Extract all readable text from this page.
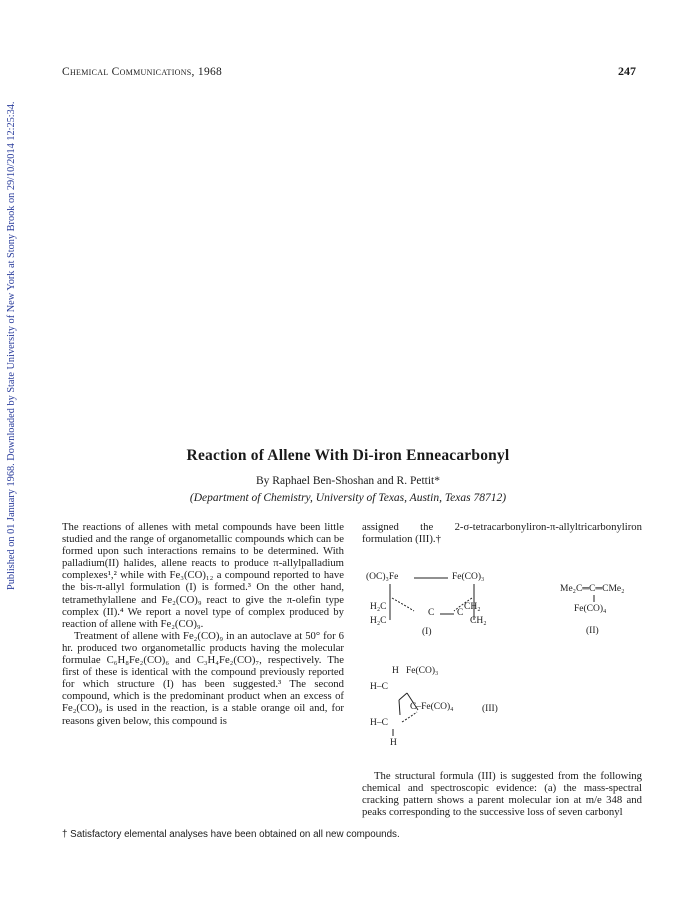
Published on 01 January 1968. Downloaded by State University of New York at Stony Brook on 29/10/2014 12:25:34.
Chemical Communications, 1968	247
Reaction of Allene With Di-iron Enneacarbonyl
By Raphael Ben-Shoshan and R. Pettit*
(Department of Chemistry, University of Texas, Austin, Texas 78712)

The reactions of allenes with metal compounds have been little studied and the range of organometallic compounds which can be formed upon such interactions remains to be determined. With palladium(II) halides, allene reacts to produce π-allylpalladium complexes¹,² while with Fe₃(CO)₁₂ a compound reported to have the bis-π-allyl formulation (I) is formed.³ On the other hand, tetramethylallene and Fe₂(CO)₉ react to give the π-olefin type complex (II).⁴ We report a novel type of complex produced by reaction of allene with Fe₂(CO)₉.

Treatment of allene with Fe₂(CO)₉ in an autoclave at 50° for 6 hr. produced two organometallic products having the molecular formulae C₆H₈Fe₂(CO)₆ and C₃H₄Fe₂(CO)₇, respectively. The first of these is identical with the compound previously reported for which structure (I) has been suggested.³ The second compound, which is the predominant product when an excess of Fe₂(CO)₉ is used in the reaction, is a stable orange oil and, for reasons given below, this compound is

assigned the 2-σ-tetracarbonyliron-π-allyltricarbonyliron formulation (III).†

(OC)₃Fe	Fe(CO)₃
H₂C	CH₂
C C
H₂C	CH₂
(I)
Me₂C═C═CMe₂
Fe(CO)₄
(II)
H Fe(CO)₃
H–C
C–Fe(CO)₄
H–C
H
(III)

The structural formula (III) is suggested from the following chemical and spectroscopic evidence: (a) the mass-spectral cracking pattern shows a parent molecular ion at m/e 348 and peaks corresponding to the successive loss of seven carbonyl

† Satisfactory elemental analyses have been obtained on all new compounds.
